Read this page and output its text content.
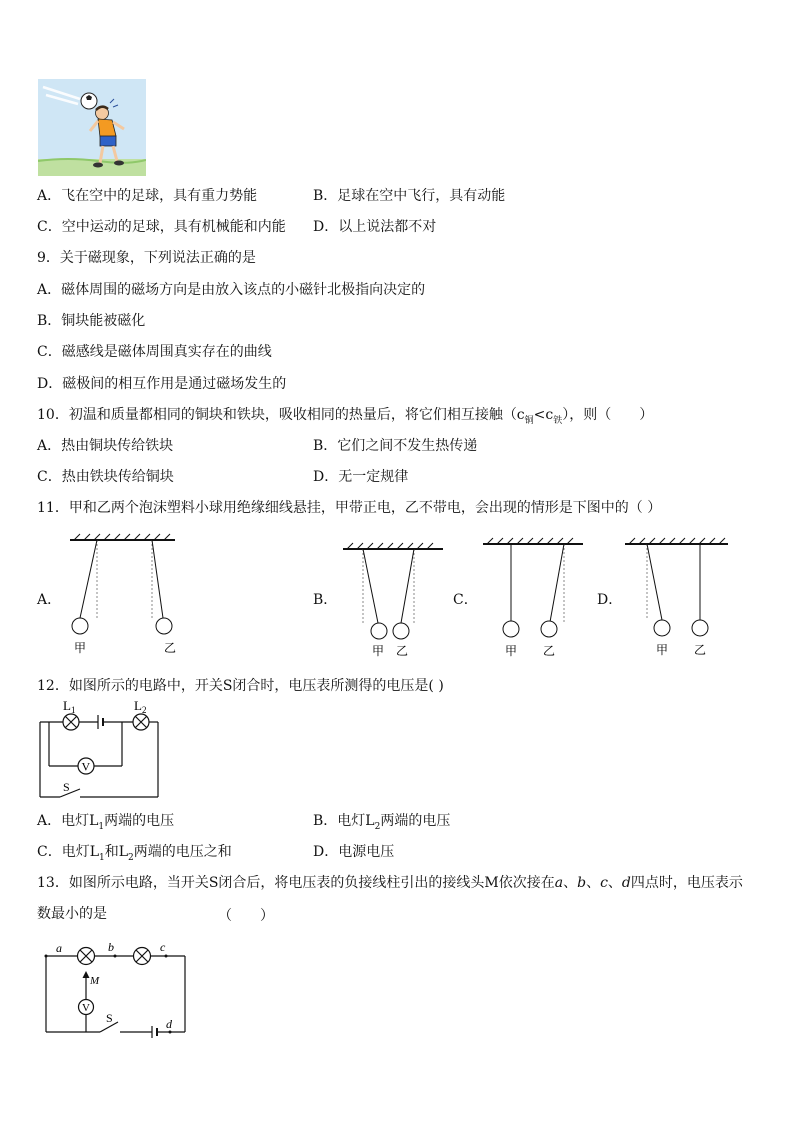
A．飞在空中的足球，具有重力势能	B．足球在空中飞行，具有动能
C．空中运动的足球，具有机械能和内能 D．以上说法都不对
9．关于磁现象，下列说法正确的是
A．磁体周围的磁场方向是由放入该点的小磁针北极指向决定的
B．铜块能被磁化
C．磁感线是磁体周围真实存在的曲线
D．磁极间的相互作用是通过磁场发生的
10．初温和质量都相同的铜块和铁块，吸收相同的热量后，将它们相互接触$(c_铜<c_铁)$，则（　　）
A．热由铜块传给铁块	B．它们之间不发生热传递
C．热由铁块传给铜块	D．无一定规律
11．甲和乙两个泡沫塑料小球用绝缘细线悬挂，甲带正电，乙不带电，会出现的情形是下图中的（ ）
A．	B．	C．	D．
甲	乙	甲 乙	甲 乙	甲 乙
12．如图所示的电路中，开关S闭合时，电压表所测得的电压是( )
V
$L_1$	$L_2$
S
A．电灯$L_1$两端的电压	B．电灯$L_2$两端的电压
C．电灯$L_1$和$L_2$两端的电压之和	D．电源电压
13．如图所示电路，当开关S闭合后，将电压表的负接线柱引出的接线头M依次接在a、b、c、d四点时，电压表示
数最小的是	（　　）
V
a	b	c
d
M
S
